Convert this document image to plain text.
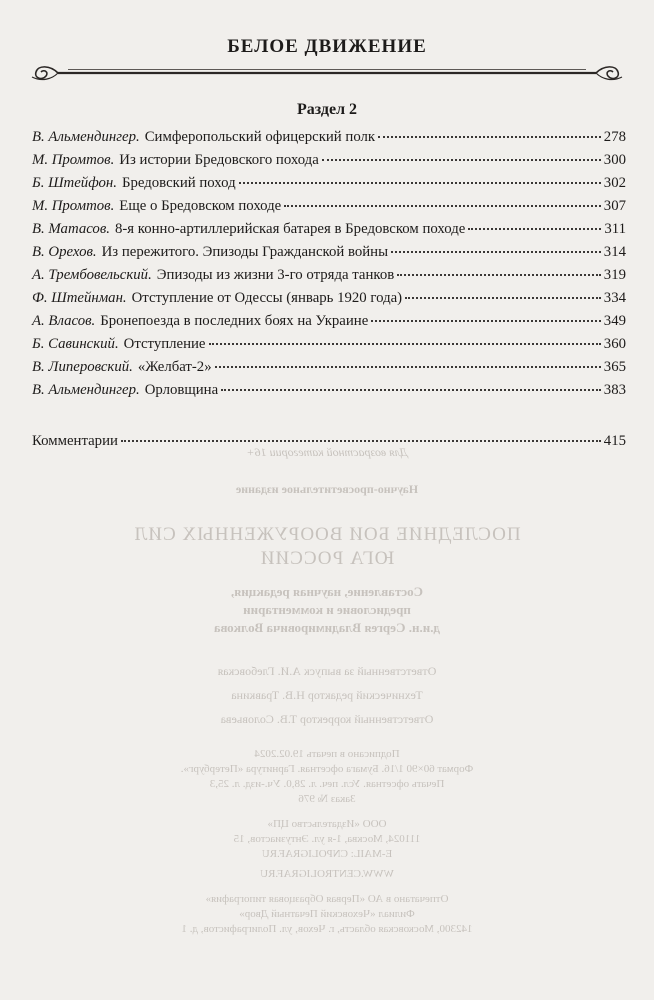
БЕЛОЕ ДВИЖЕНИЕ
Раздел 2
В. Альмендингер. Симферопольский офицерский полк	278
М. Промтов. Из истории Бредовского похода	300
Б. Штейфон. Бредовский поход	302
М. Промтов. Еще о Бредовском походе	307
В. Матасов. 8-я конно-артиллерийская батарея в Бредовском походе	311
В. Орехов. Из пережитого. Эпизоды Гражданской войны	314
А. Трембовельский. Эпизоды из жизни 3-го отряда танков	319
Ф. Штейнман. Отступление от Одессы (январь 1920 года)	334
А. Власов. Бронепоезда в последних боях на Украине	349
Б. Савинский. Отступление	360
В. Липеровский. «Желбат-2»	365
В. Альмендингер. Орловщина	383
Комментарии	415
Для возрастной категории 16+
Научно-просветительное издание
ПОСЛЕДНИЕ БОИ ВООРУЖЕННЫХ СИЛ
ЮГА РОССИИ
Составление, научная редакция,
предисловие и комментарии
д.и.н. Сергея Владимировича Волкова
Ответственный за выпуск А.И. Глебовская
Технический редактор Н.В. Травкина
Ответственный корректор Т.В. Соловьева
Подписано в печать 19.02.2024
Формат 60×90 1/16. Бумага офсетная. Гарнитура «Петербург».
Печать офсетная. Усл. печ. л. 28,0. Уч.-изд. л. 25,3
Заказ № 976
ООО «Издательство ЦП»
111024, Москва, 1-я ул. Энтузиастов, 15
E-MAIL: CNPOLIGRAF.RU
WWW.CENTROLIGRAF.RU
Отпечатано в АО «Первая Образцовая типография»
Филиал «Чеховский Печатный Двор»
142300, Московская область, г. Чехов, ул. Полиграфистов, д. 1
